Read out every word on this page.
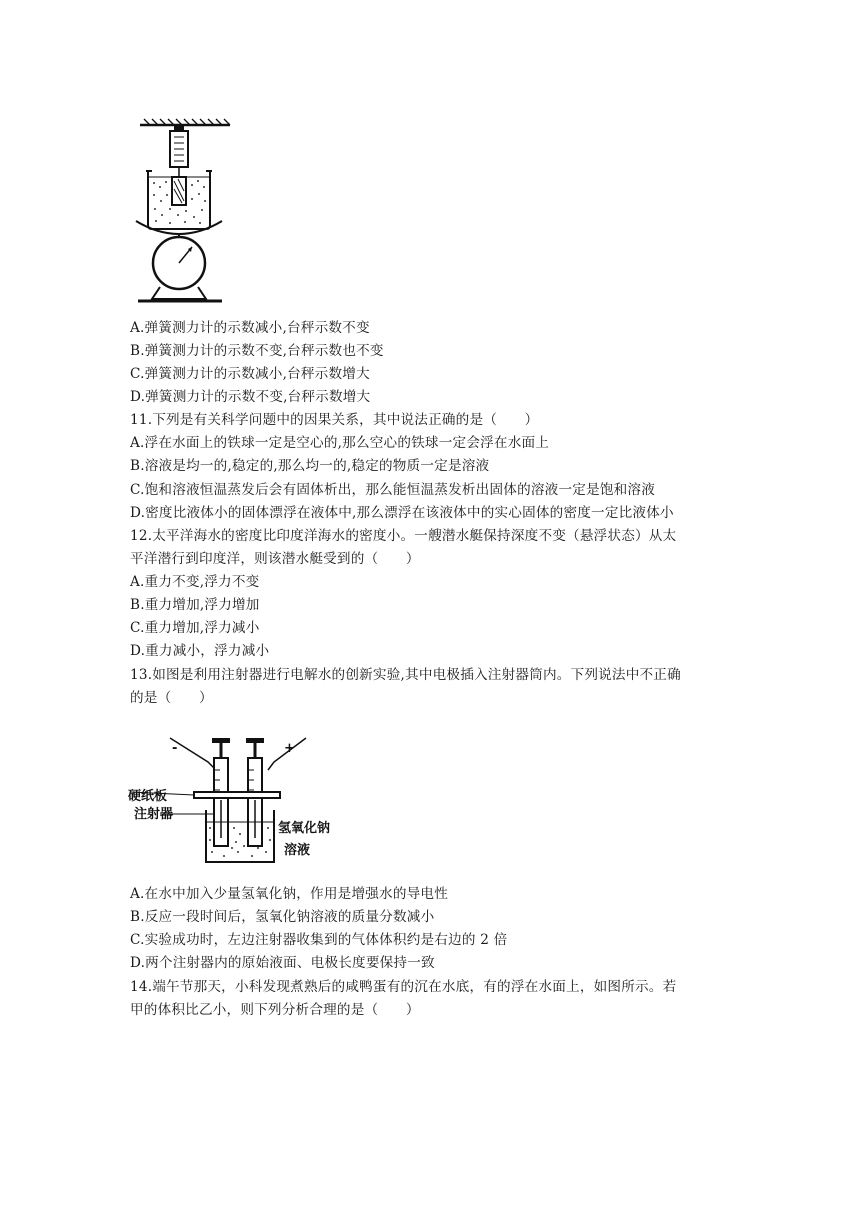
A.弹簧测力计的示数减小,台秤示数不变
B.弹簧测力计的示数不变,台秤示数也不变
C.弹簧测力计的示数减小,台秤示数增大
D.弹簧测力计的示数不变,台秤示数增大
11.下列是有关科学问题中的因果关系，其中说法正确的是（　　）
A.浮在水面上的铁球一定是空心的,那么空心的铁球一定会浮在水面上
B.溶液是均一的,稳定的,那么均一的,稳定的物质一定是溶液
C.饱和溶液恒温蒸发后会有固体析出，那么能恒温蒸发析出固体的溶液一定是饱和溶液
D.密度比液体小的固体漂浮在液体中,那么漂浮在该液体中的实心固体的密度一定比液体小
12.太平洋海水的密度比印度洋海水的密度小。一艘潜水艇保持深度不变（悬浮状态）从太
平洋潜行到印度洋，则该潜水艇受到的（　　）
A.重力不变,浮力不变
B.重力增加,浮力增加
C.重力增加,浮力减小
D.重力减小，浮力减小
13.如图是利用注射器进行电解水的创新实验,其中电极插入注射器筒内。下列说法中不正确
的是（　　）
-	+
硬纸板
注射器
氢氧化钠
溶液
A.在水中加入少量氢氧化钠，作用是增强水的导电性
B.反应一段时间后，氢氧化钠溶液的质量分数减小
C.实验成功时，左边注射器收集到的气体体积约是右边的 2 倍
D.两个注射器内的原始液面、电极长度要保持一致
14.端午节那天，小科发现煮熟后的咸鸭蛋有的沉在水底，有的浮在水面上，如图所示。若
甲的体积比乙小，则下列分析合理的是（　　）
